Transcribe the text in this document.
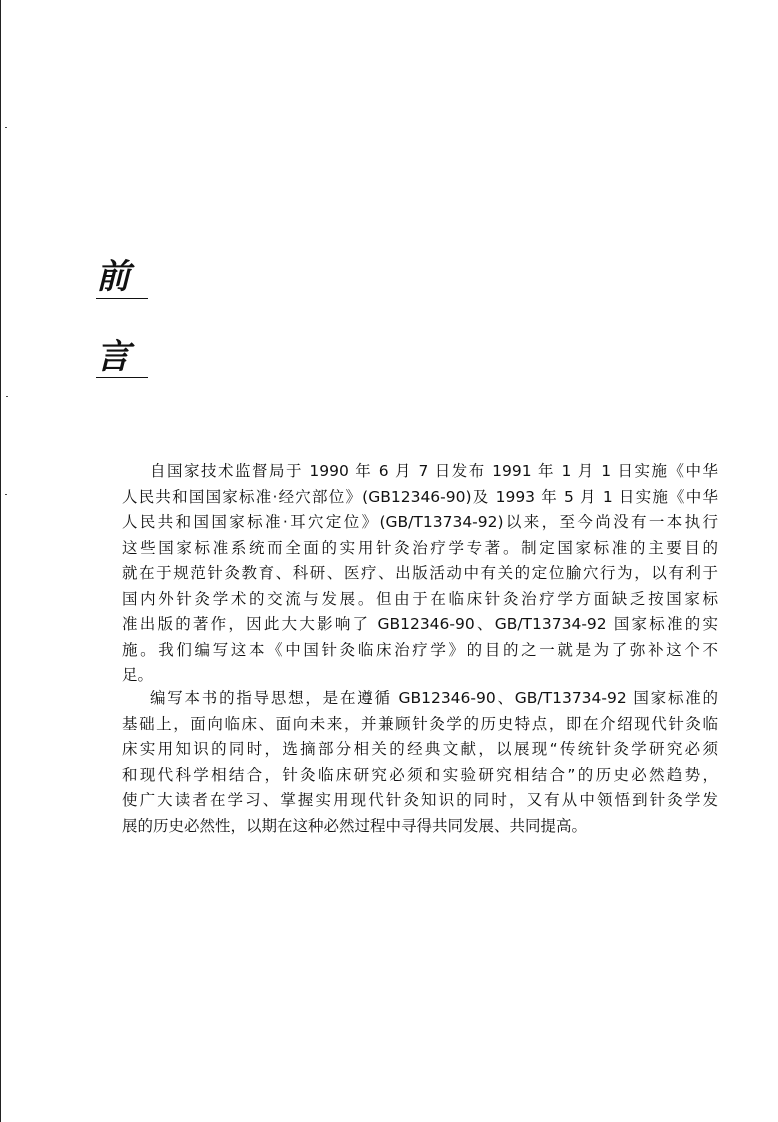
前
言
自国家技术监督局于 1990 年 6 月 7 日发布 1991 年 1 月 1 日实施《中华
人民共和国国家标准·经穴部位》(GB12346-90)及 1993 年 5 月 1 日实施《中华
人民共和国国家标准·耳穴定位》(GB/T13734-92)以来，至今尚没有一本执行
这些国家标准系统而全面的实用针灸治疗学专著。制定国家标准的主要目的
就在于规范针灸教育、科研、医疗、出版活动中有关的定位腧穴行为，以有利于
国内外针灸学术的交流与发展。但由于在临床针灸治疗学方面缺乏按国家标
准出版的著作，因此大大影响了 GB12346-90、GB/T13734-92 国家标准的实
施。我们编写这本《中国针灸临床治疗学》的目的之一就是为了弥补这个不
足。
编写本书的指导思想，是在遵循 GB12346-90、GB/T13734-92 国家标准的
基础上，面向临床、面向未来，并兼顾针灸学的历史特点，即在介绍现代针灸临
床实用知识的同时，选摘部分相关的经典文献，以展现“传统针灸学研究必须
和现代科学相结合，针灸临床研究必须和实验研究相结合”的历史必然趋势，
使广大读者在学习、掌握实用现代针灸知识的同时，又有从中领悟到针灸学发
展的历史必然性，以期在这种必然过程中寻得共同发展、共同提高。
